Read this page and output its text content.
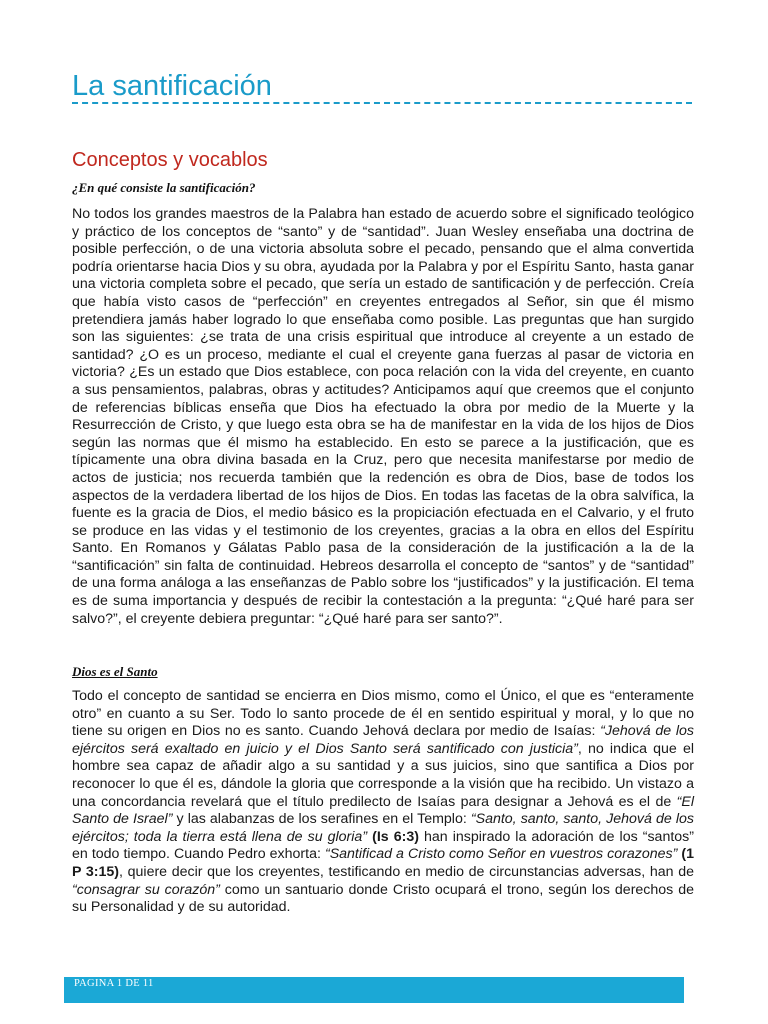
La santificación
Conceptos y vocablos
¿En qué consiste la santificación?

No todos los grandes maestros de la Palabra han estado de acuerdo sobre el significado teológico y práctico de los conceptos de “santo” y de “santidad”. Juan Wesley enseñaba una doctrina de posible perfección, o de una victoria absoluta sobre el pecado, pensando que el alma convertida podría orientarse hacia Dios y su obra, ayudada por la Palabra y por el Espíritu Santo, hasta ganar una victoria completa sobre el pecado, que sería un estado de santificación y de perfección. Creía que había visto casos de “perfección” en creyentes entregados al Señor, sin que él mismo pretendiera jamás haber logrado lo que enseñaba como posible. Las preguntas que han surgido son las siguientes: ¿se trata de una crisis espiritual que introduce al creyente a un estado de santidad? ¿O es un proceso, mediante el cual el creyente gana fuerzas al pasar de victoria en victoria? ¿Es un estado que Dios establece, con poca relación con la vida del creyente, en cuanto a sus pensamientos, palabras, obras y actitudes? Anticipamos aquí que creemos que el conjunto de referencias bíblicas enseña que Dios ha efectuado la obra por medio de la Muerte y la Resurrección de Cristo, y que luego esta obra se ha de manifestar en la vida de los hijos de Dios según las normas que él mismo ha establecido. En esto se parece a la justificación, que es típicamente una obra divina basada en la Cruz, pero que necesita manifestarse por medio de actos de justicia; nos recuerda también que la redención es obra de Dios, base de todos los aspectos de la verdadera libertad de los hijos de Dios. En todas las facetas de la obra salvífica, la fuente es la gracia de Dios, el medio básico es la propiciación efectuada en el Calvario, y el fruto se produce en las vidas y el testimonio de los creyentes, gracias a la obra en ellos del Espíritu Santo. En Romanos y Gálatas Pablo pasa de la consideración de la justificación a la de la “santificación” sin falta de continuidad. Hebreos desarrolla el concepto de “santos” y de “santidad” de una forma análoga a las enseñanzas de Pablo sobre los “justificados” y la justificación. El tema es de suma importancia y después de recibir la contestación a la pregunta: “¿Qué haré para ser salvo?”, el creyente debiera preguntar: “¿Qué haré para ser santo?”.

Dios es el Santo

Todo el concepto de santidad se encierra en Dios mismo, como el Único, el que es “enteramente otro” en cuanto a su Ser. Todo lo santo procede de él en sentido espiritual y moral, y lo que no tiene su origen en Dios no es santo. Cuando Jehová declara por medio de Isaías: “Jehová de los ejércitos será exaltado en juicio y el Dios Santo será santificado con justicia”, no indica que el hombre sea capaz de añadir algo a su santidad y a sus juicios, sino que santifica a Dios por reconocer lo que él es, dándole la gloria que corresponde a la visión que ha recibido. Un vistazo a una concordancia revelará que el título predilecto de Isaías para designar a Jehová es el de “El Santo de Israel” y las alabanzas de los serafines en el Templo: “Santo, santo, santo, Jehová de los ejércitos; toda la tierra está llena de su gloria” (Is 6:3) han inspirado la adoración de los “santos” en todo tiempo. Cuando Pedro exhorta: “Santificad a Cristo como Señor en vuestros corazones” (1 P 3:15), quiere decir que los creyentes, testificando en medio de circunstancias adversas, han de “consagrar su corazón” como un santuario donde Cristo ocupará el trono, según los derechos de su Personalidad y de su autoridad.

PAGINA 1 DE 11
